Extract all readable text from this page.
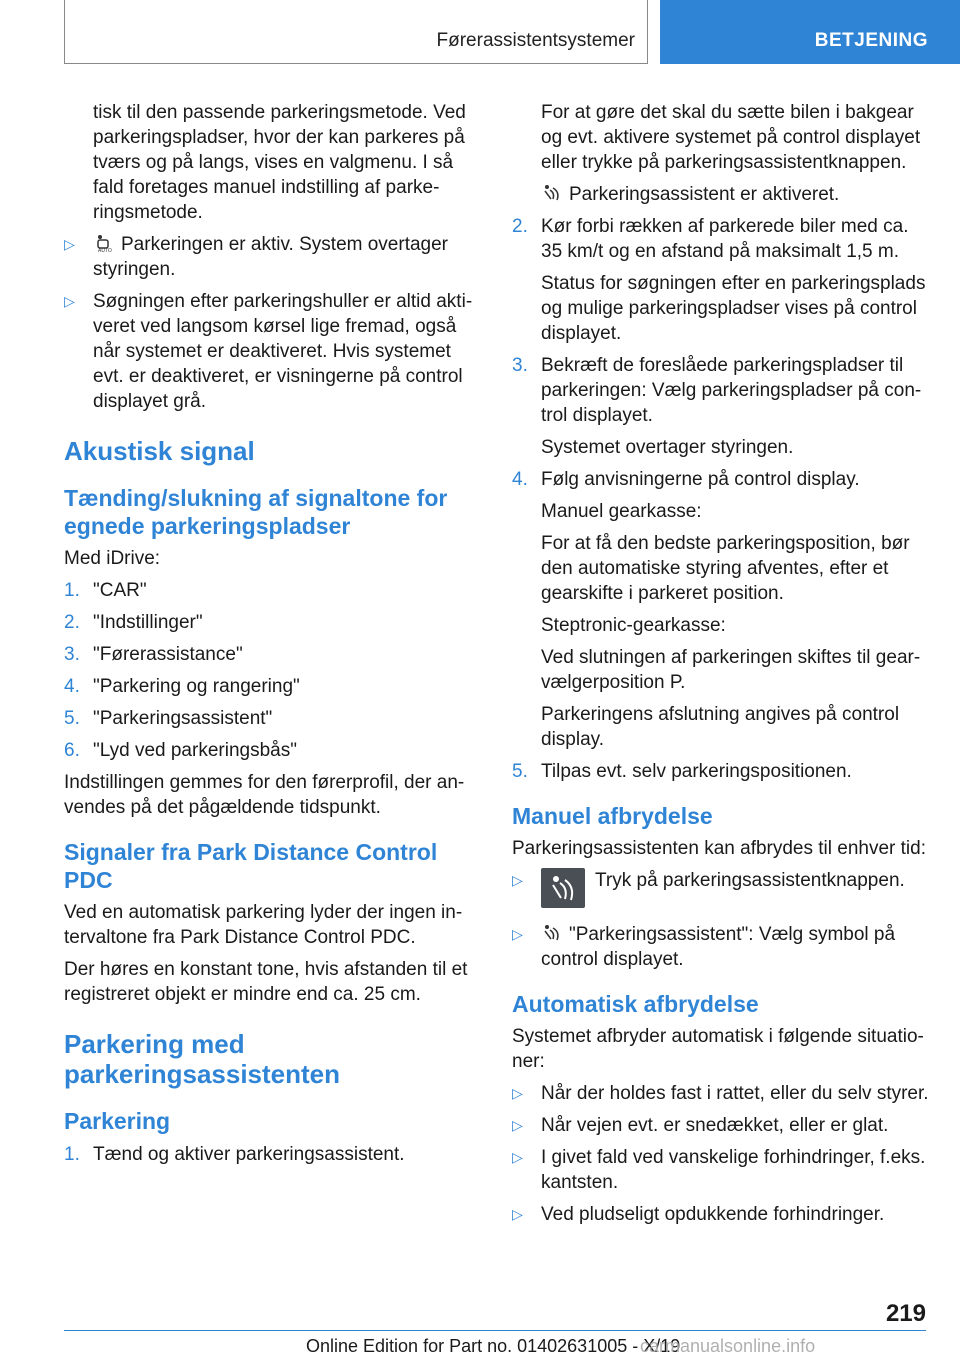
Førerassistentsystemer	BETJENING

tisk til den passende parkeringsmetode. Ved parkeringspladser, hvor der kan parkeres på tværs og på langs, vises en valgmenu. I så fald foretages manuel indstilling af parkeringsmetode.

▷	AUTO Parkeringen er aktiv. System overtager styringen.
▷ Søgningen efter parkeringshuller er altid aktiveret ved langsom kørsel lige fremad, også når systemet er deaktiveret. Hvis systemet evt. er deaktiveret, er visningerne på control displayet grå.
Akustisk signal
Tænding/slukning af signaltone for egnede parkeringspladser

Med iDrive:

1. "CAR"
2. "Indstillinger"
3. "Førerassistance"
4. "Parkering og rangering"
5. "Parkeringsassistent"
6. "Lyd ved parkeringsbås"

Indstillingen gemmes for den førerprofil, der anvendes på det pågældende tidspunkt.

Signaler fra Park Distance Control PDC

Ved en automatisk parkering lyder der ingen intervaltone fra Park Distance Control PDC.

Der høres en konstant tone, hvis afstanden til et registreret objekt er mindre end ca. 25 cm.

Parkering med parkeringsassistenten
Parkering
1. Tænd og aktiver parkeringsassistent.

For at gøre det skal du sætte bilen i bakgear og evt. aktivere systemet på control displayet eller trykke på parkeringsassistentknappen.

Parkeringsassistent er aktiveret.

2. Kør forbi rækken af parkerede biler med ca. 35 km/t og en afstand på maksimalt 1,5 m.

Status for søgningen efter en parkeringsplads og mulige parkeringspladser vises på control displayet.

3. Bekræft de foreslåede parkeringspladser til parkeringen: Vælg parkeringspladser på control displayet.

Systemet overtager styringen.

4. Følg anvisningerne på control display.

Manuel gearkasse:

For at få den bedste parkeringsposition, bør den automatiske styring afventes, efter et gearskifte i parkeret position.

Steptronic-gearkasse:

Ved slutningen af parkeringen skiftes til gearvælgerposition P.

Parkeringens afslutning angives på control display.

5. Tilpas evt. selv parkeringspositionen.
Manuel afbrydelse

Parkeringsassistenten kan afbrydes til enhver tid:

▷	Tryk på parkeringsassistentknappen.
▷	"Parkeringsassistent": Vælg symbol på control displayet.
Automatisk afbrydelse

Systemet afbryder automatisk i følgende situationer:

▷ Når der holdes fast i rattet, eller du selv styrer.
▷ Når vejen evt. er snedækket, eller er glat.
▷ I givet fald ved vanskelige forhindringer, f.eks. kantsten.
▷ Ved pludseligt opdukkende forhindringer.
219
Online Edition for Part no. 01402631005 - X/19
carmanualsonline.info
